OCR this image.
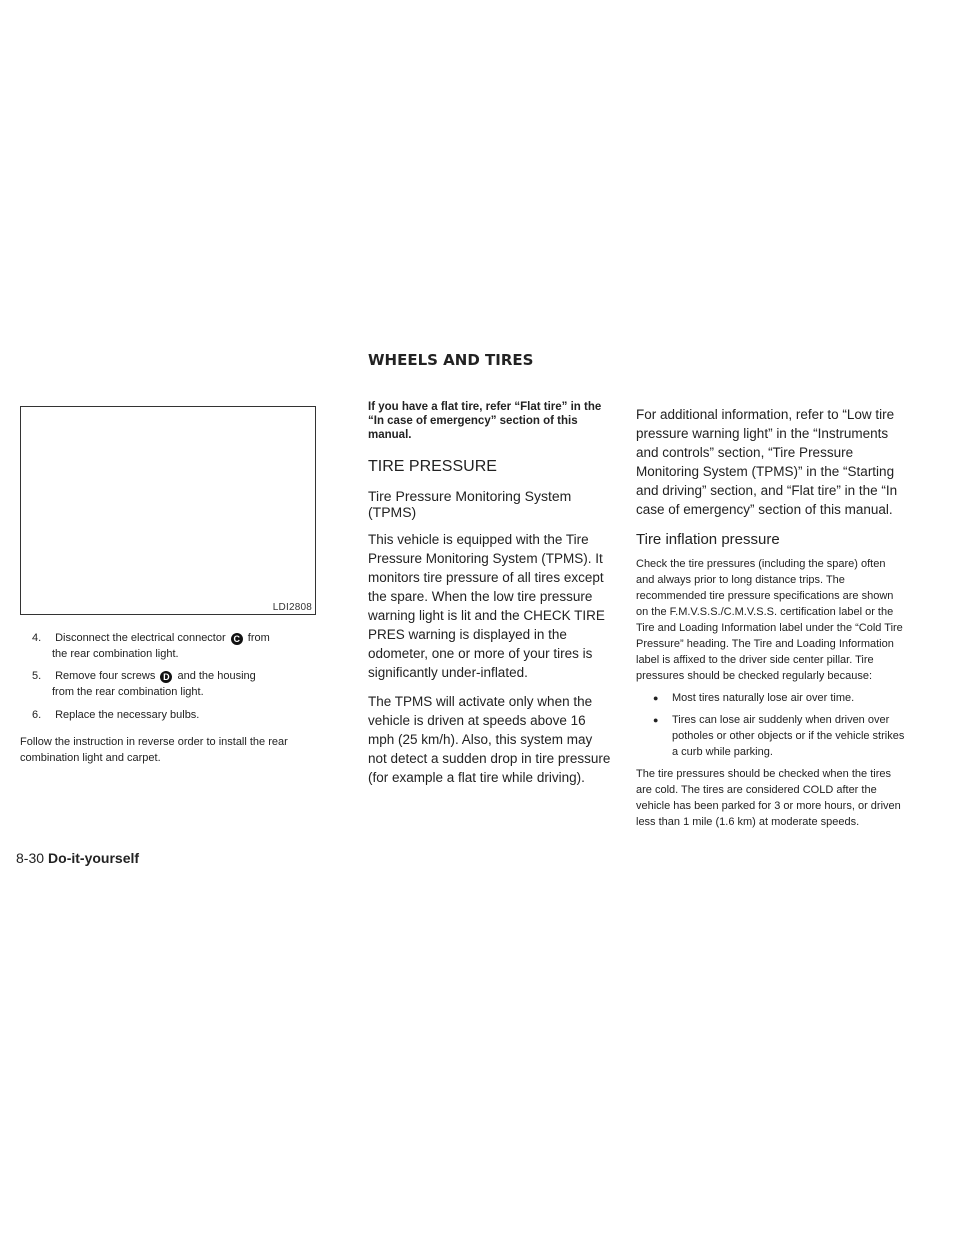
WHEELS AND TIRES
LDI2808
4. Disconnect the electrical connector C from
the rear combination light.
5. Remove four screws D and the housing
from the rear combination light.
6. Replace the necessary bulbs.
Follow the instruction in reverse order to install the rear combination light and carpet.

If you have a flat tire, refer “Flat tire” in the “In case of emergency” section of this manual.

TIRE PRESSURE
Tire Pressure Monitoring System (TPMS)

This vehicle is equipped with the Tire Pressure Monitoring System (TPMS). It monitors tire pressure of all tires except the spare. When the low tire pressure warning light is lit and the CHECK TIRE PRES warning is displayed in the odometer, one or more of your tires is significantly under-inflated.

The TPMS will activate only when the vehicle is driven at speeds above 16 mph (25 km/h). Also, this system may not detect a sudden drop in tire pressure (for example a flat tire while driving).

For additional information, refer to “Low tire pressure warning light” in the “Instruments and controls” section, “Tire Pressure Monitoring System (TPMS)” in the “Starting and driving” section, and “Flat tire” in the “In case of emergency” section of this manual.

Tire inflation pressure
Check the tire pressures (including the spare) often and always prior to long distance trips. The recommended tire pressure specifications are shown on the F.M.V.S.S./C.M.V.S.S. certification label or the Tire and Loading Information label under the “Cold Tire Pressure” heading. The Tire and Loading Information label is affixed to the driver side center pillar. Tire pressures should be checked regularly because:
● Most tires naturally lose air over time.
● Tires can lose air suddenly when driven over potholes or other objects or if the vehicle strikes a curb while parking.
The tire pressures should be checked when the tires are cold. The tires are considered COLD after the vehicle has been parked for 3 or more hours, or driven less than 1 mile (1.6 km) at moderate speeds.
8-30 Do-it-yourself
